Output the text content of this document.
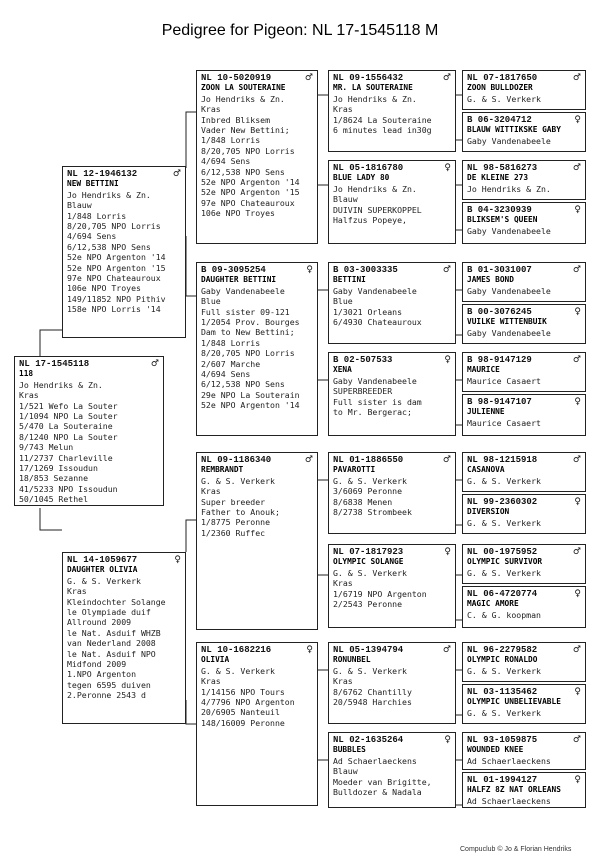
Pedigree for Pigeon: NL 17-1545118 M
NL 17-1545118	♂
118
Jo Hendriks & Zn.
Kras
1/521 Wefo La Souter
1/1094 NPO La Souter
5/470 La Souteraine
8/1240 NPO La Souter
9/743 Melun
11/2737 Charleville
17/1269 Issoudun
18/853 Sezanne
41/5233 NPO Issoudun
50/1045 Rethel
NL 12-1946132	♂
NEW BETTINI
Jo Hendriks & Zn.
Blauw
1/848 Lorris
8/20,705 NPO Lorris
4/694 Sens
6/12,538 NPO Sens
52e NPO Argenton '14
52e NPO Argenton '15
97e NPO Chateauroux
106e NPO Troyes
149/11852 NPO Pithiv
158e NPO Lorris '14
NL 14-1059677	♀
DAUGHTER OLIVIA
G. & S. Verkerk
Kras
Kleindochter Solange
le Olympiade duif
Allround 2009
le Nat. Asduif WHZB
van Nederland 2008
le Nat. Asduif NPO
Midfond 2009
1.NPO Argenton
tegen 6595 duiven
2.Peronne 2543 d
NL 10-5020919	♂
ZOON LA SOUTERAINE
Jo Hendriks & Zn.
Kras
Inbred Bliksem
Vader New Bettini;
1/848 Lorris
8/20,705 NPO Lorris
4/694 Sens
6/12,538 NPO Sens
52e NPO Argenton '14
52e NPO Argenton '15
97e NPO Chateauroux
106e NPO Troyes
B 09-3095254	♀
DAUGHTER BETTINI
Gaby Vandenabeele
Blue
Full sister 09-121
1/2054 Prov. Bourges
Dam to New Bettini;
1/848 Lorris
8/20,705 NPO Lorris
2/607 Marche
4/694 Sens
6/12,538 NPO Sens
29e NPO La Souterain
52e NPO Argenton '14
NL 09-1186340	♂
REMBRANDT
G. & S. Verkerk
Kras
Super breeder
Father to Anouk;
1/8775 Peronne
1/2360 Ruffec
NL 10-1682216	♀
OLIVIA
G. & S. Verkerk
Kras
1/14156 NPO Tours
4/7796 NPO Argenton
20/6905 Nanteuil
148/16009 Peronne
NL 09-1556432	♂
MR. LA SOUTERAINE
Jo Hendriks & Zn.
Kras
1/8624 La Souteraine
6 minutes lead in30g
NL 05-1816780	♀
BLUE LADY 80
Jo Hendriks & Zn.
Blauw
DUIVIN SUPERKOPPEL
Halfzus Popeye,
B 03-3003335	♂
BETTINI
Gaby Vandenabeele
Blue
1/3021 Orleans
6/4930 Chateauroux
B 02-507533	♀
XENA
Gaby Vandenabeele
SUPERBREEDER
Full sister is dam
to Mr. Bergerac;
NL 01-1886550	♂
PAVAROTTI
G. & S. Verkerk
3/6069 Peronne
8/6838 Menen
8/2738 Strombeek
NL 07-1817923	♀
OLYMPIC SOLANGE
G. & S. Verkerk
Kras
1/6719 NPO Argenton
2/2543 Peronne
NL 05-1394794	♂
RONUNBEL
G. & S. Verkerk
Kras
8/6762 Chantilly
20/5948 Harchies
NL 02-1635264	♀
BUBBLES
Ad Schaerlaeckens
Blauw
Moeder van Brigitte,
Bulldozer & Nadala
NL 07-1817650	♂
ZOON BULLDOZER
G. & S. Verkerk
B 06-3204712	♀
BLAUW WITTIKSKE GABY
Gaby Vandenabeele
NL 98-5816273	♂
DE KLEINE 273
Jo Hendriks & Zn.
B 04-3230939	♀
BLIKSEM'S QUEEN
Gaby Vandenabeele
B 01-3031007	♂
JAMES BOND
Gaby Vandenabeele
B 00-3076245	♀
VUILKE WITTENBUIK
Gaby Vandenabeele
B 98-9147129	♂
MAURICE
Maurice Casaert
B 98-9147107	♀
JULIENNE
Maurice Casaert
NL 98-1215918	♂
CASANOVA
G. & S. Verkerk
NL 99-2360302	♀
DIVERSION
G. & S. Verkerk
NL 00-1975952	♂
OLYMPIC SURVIVOR
G. & S. Verkerk
NL 06-4720774	♀
MAGIC AMORE
C. & G. koopman
NL 96-2279582	♂
OLYMPIC RONALDO
G. & S. Verkerk
NL 03-1135462	♀
OLYMPIC UNBELIEVABLE
G. & S. Verkerk
NL 93-1059875	♂
WOUNDED KNEE
Ad Schaerlaeckens
NL 01-1994127	♀
HALFZ 8Z NAT ORLEANS
Ad Schaerlaeckens
Compuclub © Jo & Florian Hendriks
